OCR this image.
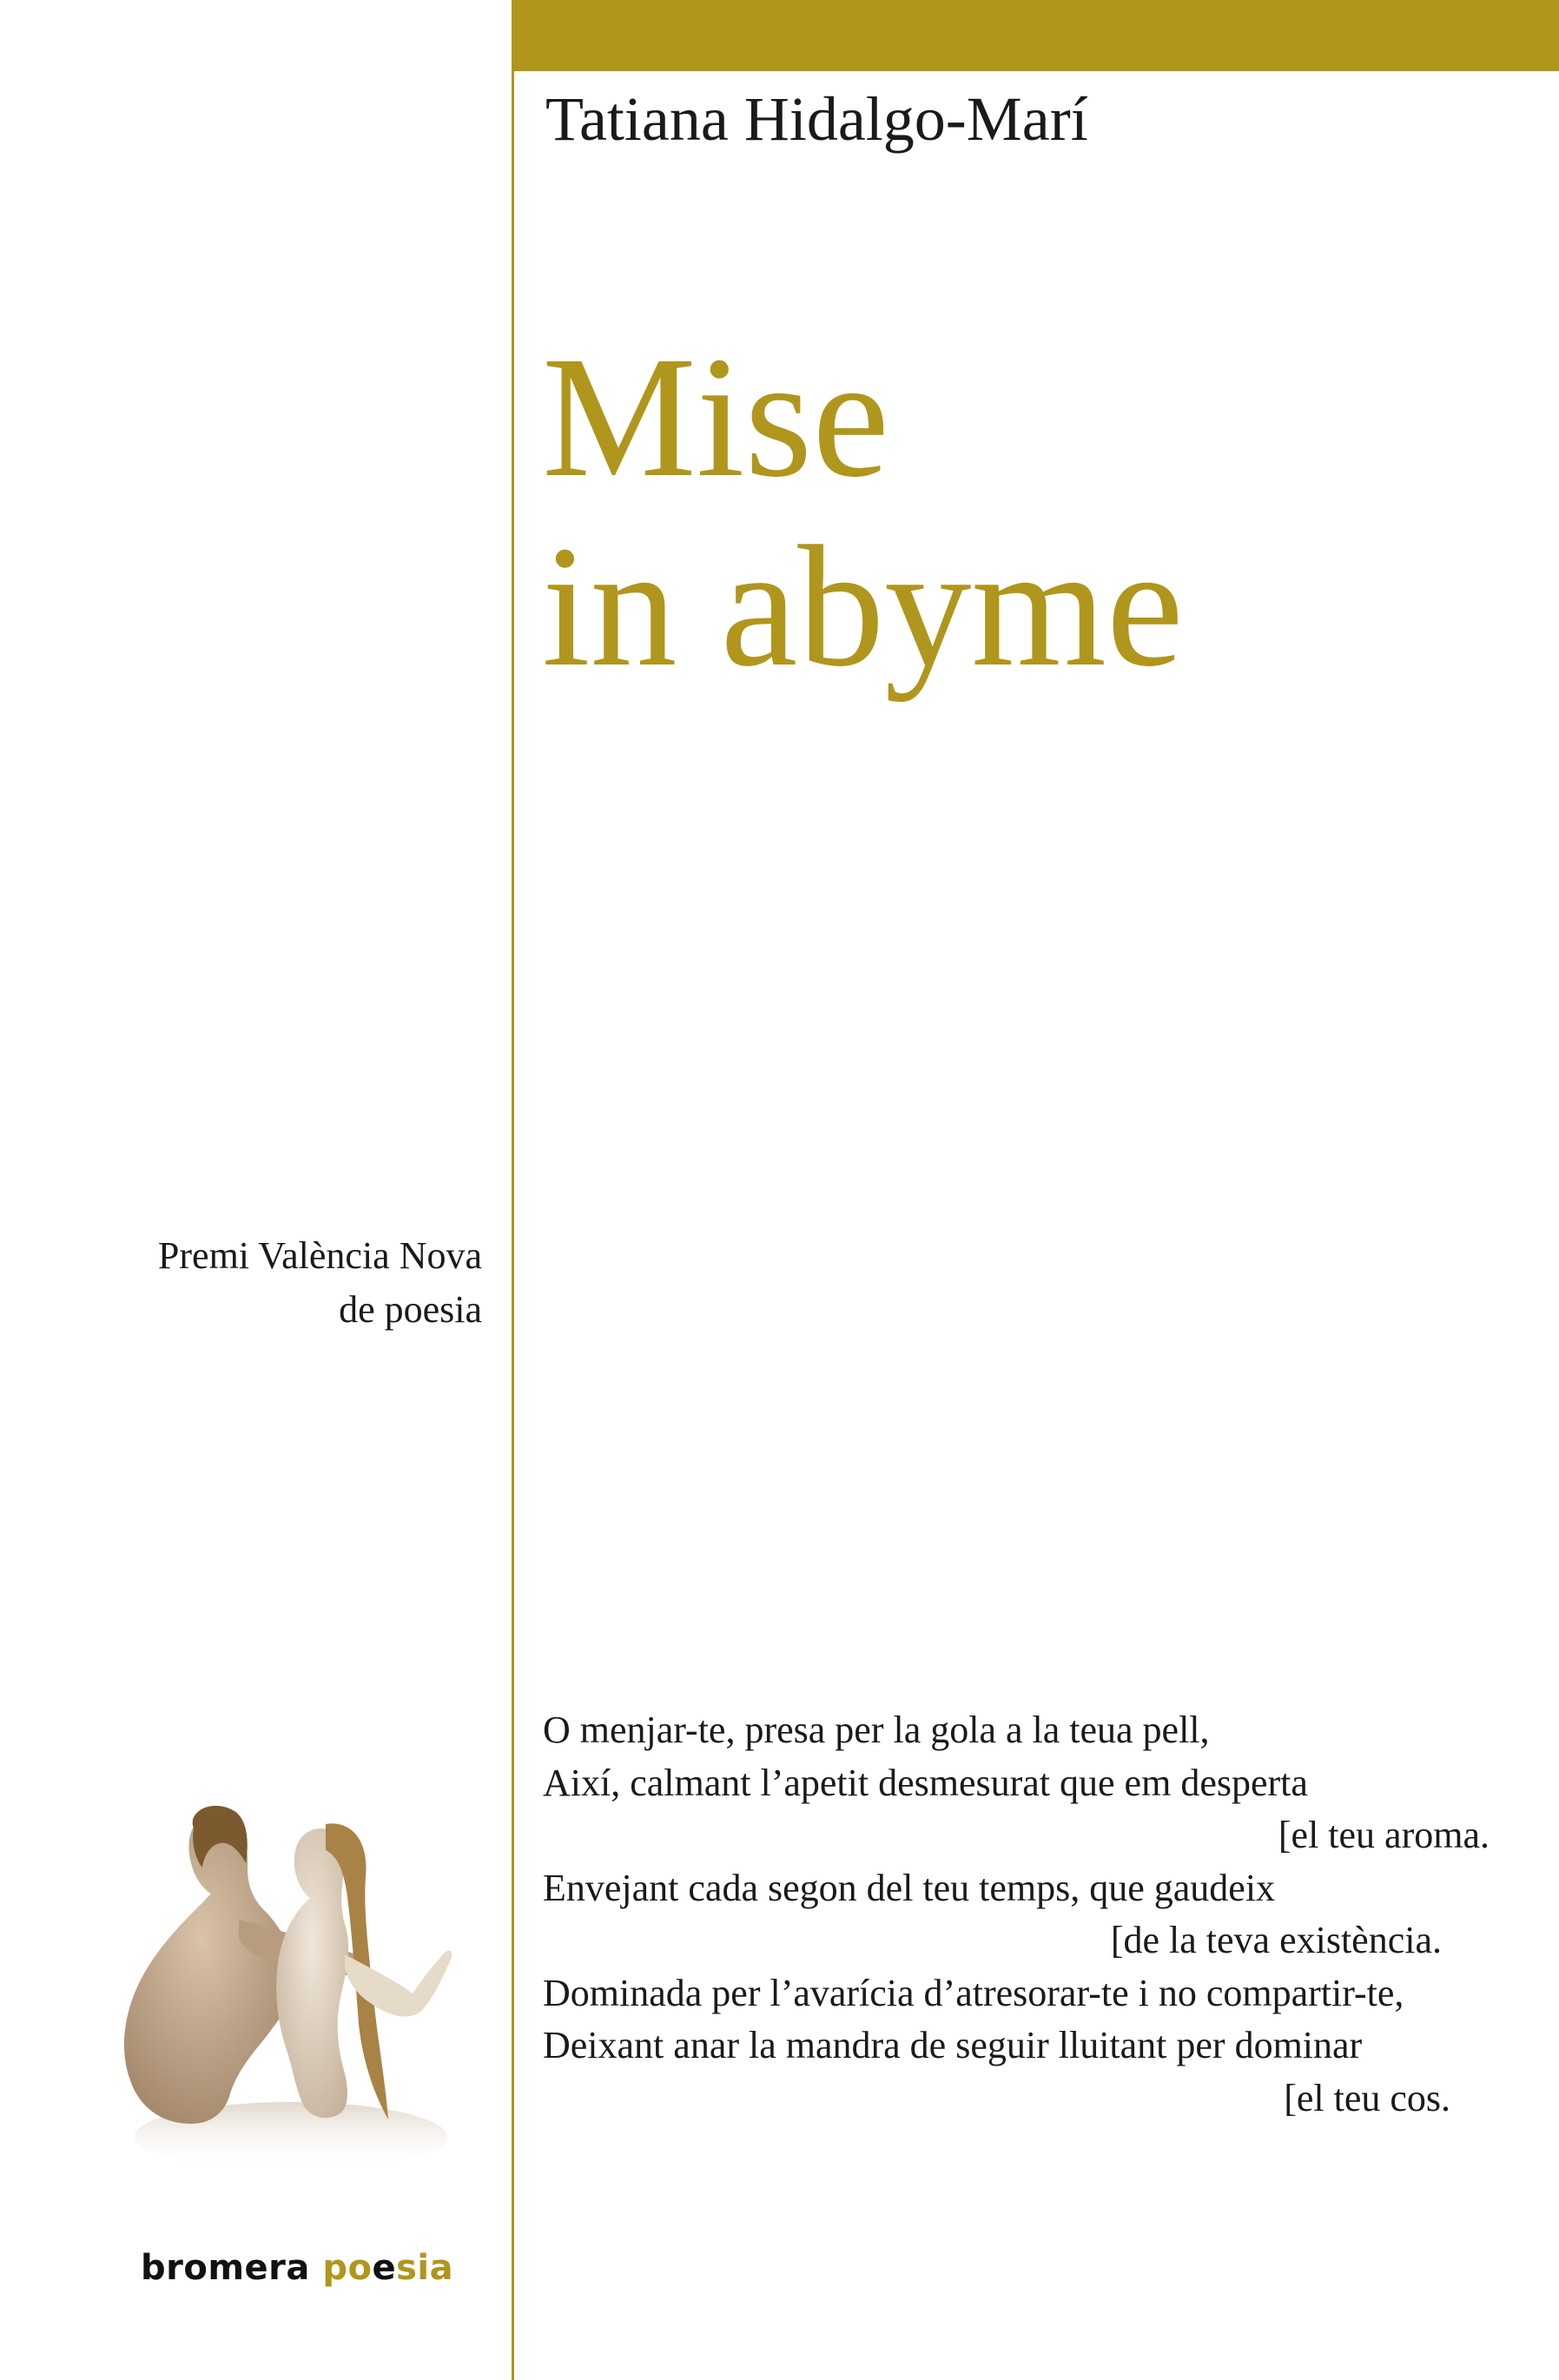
Tatiana Hidalgo-Marí
Mise
in abyme
Premi València Nova
de poesia
O menjar-te, presa per la gola a la teua pell,
Així, calmant l’apetit desmesurat que em desperta
[el teu aroma.
Envejant cada segon del teu temps, que gaudeix
[de la teva existència.
Dominada per l’avarícia d’atresorar-te i no compartir-te,
Deixant anar la mandra de seguir lluitant per dominar
[el teu cos.
bromera poesia
